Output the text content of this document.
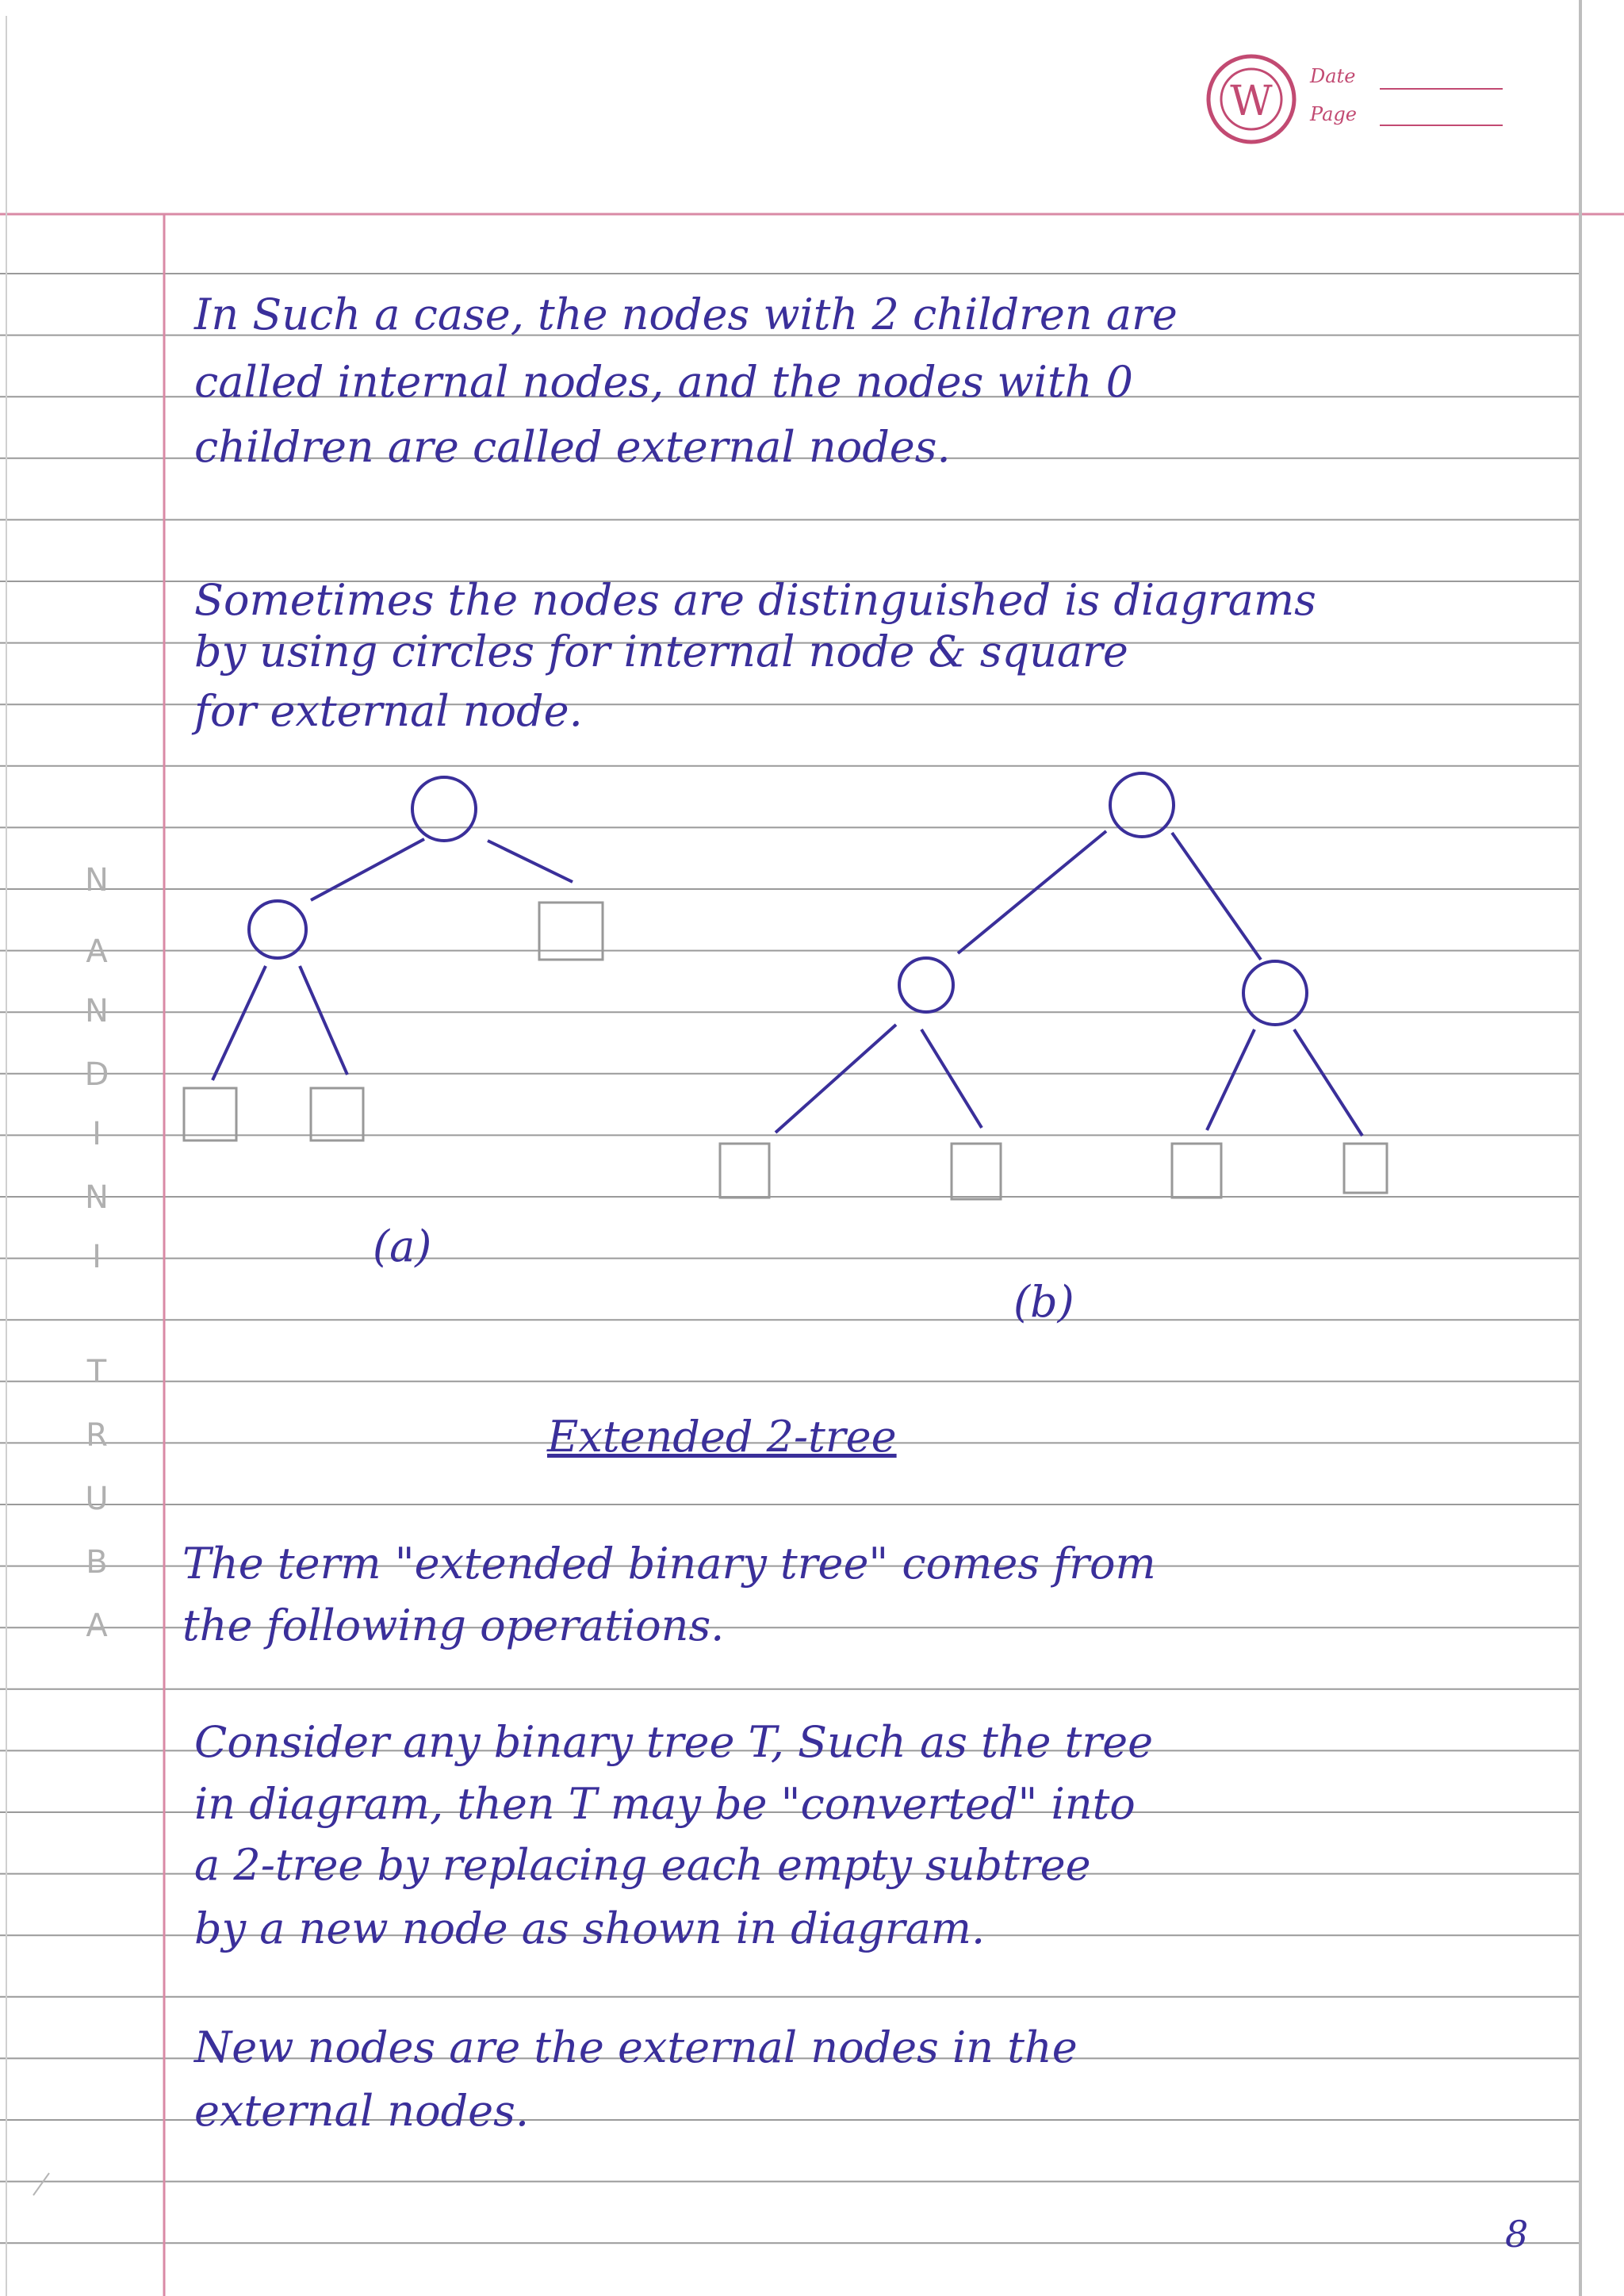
W
Date
Page
N
A
N
D
I
N
I
T
R
U
B
A
In Such a case, the nodes with 2 children are
called internal nodes, and the nodes with 0
children are called external nodes.
Sometimes the nodes are distinguished is diagrams
by using circles for internal node & square
for external node.
(a)
(b)
Extended 2-tree
The term "extended binary tree" comes from
the following operations.
Consider any binary tree T, Such as the tree
in diagram, then T may be "converted" into
a 2-tree by replacing each empty subtree
by a new node as shown in diagram.
New nodes are the external nodes in the
external nodes.
8
